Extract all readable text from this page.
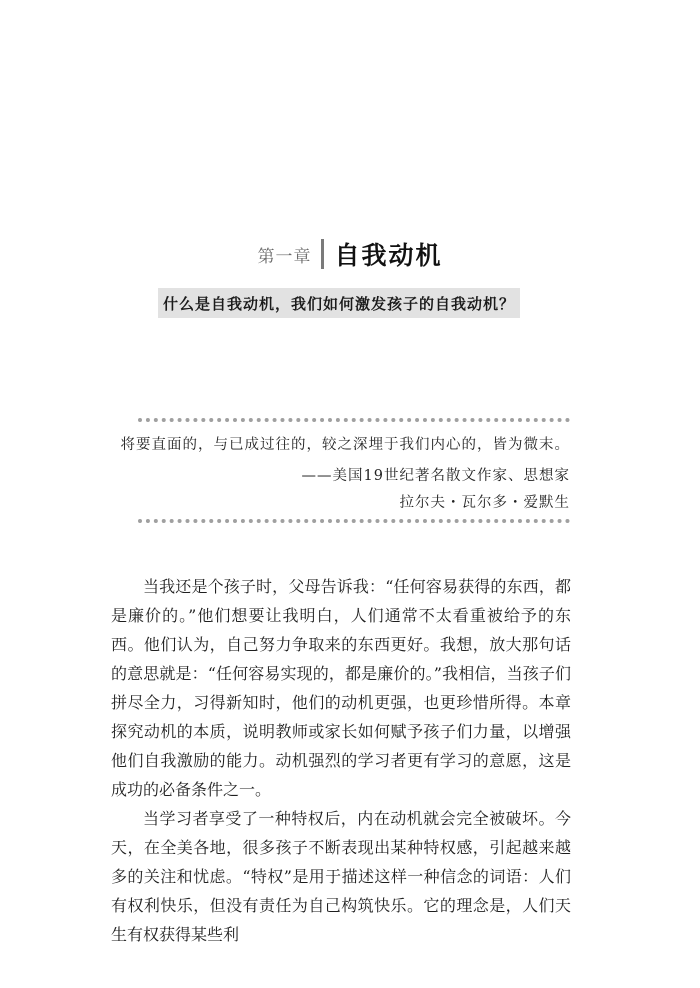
第一章 自我动机
什么是自我动机，我们如何激发孩子的自我动机？
将要直面的，与已成过往的，较之深埋于我们内心的，皆为微末。
——美国19世纪著名散文作家、思想家
拉尔夫・瓦尔多・爱默生

当我还是个孩子时，父母告诉我：“任何容易获得的东西，都是廉价的。”他们想要让我明白，人们通常不太看重被给予的东西。他们认为，自己努力争取来的东西更好。我想，放大那句话的意思就是：“任何容易实现的，都是廉价的。”我相信，当孩子们拼尽全力，习得新知时，他们的动机更强，也更珍惜所得。本章探究动机的本质，说明教师或家长如何赋予孩子们力量，以增强他们自我激励的能力。动机强烈的学习者更有学习的意愿，这是成功的必备条件之一。

当学习者享受了一种特权后，内在动机就会完全被破坏。今天，在全美各地，很多孩子不断表现出某种特权感，引起越来越多的关注和忧虑。“特权”是用于描述这样一种信念的词语：人们有权利快乐，但没有责任为自己构筑快乐。它的理念是，人们天生有权获得某些利
